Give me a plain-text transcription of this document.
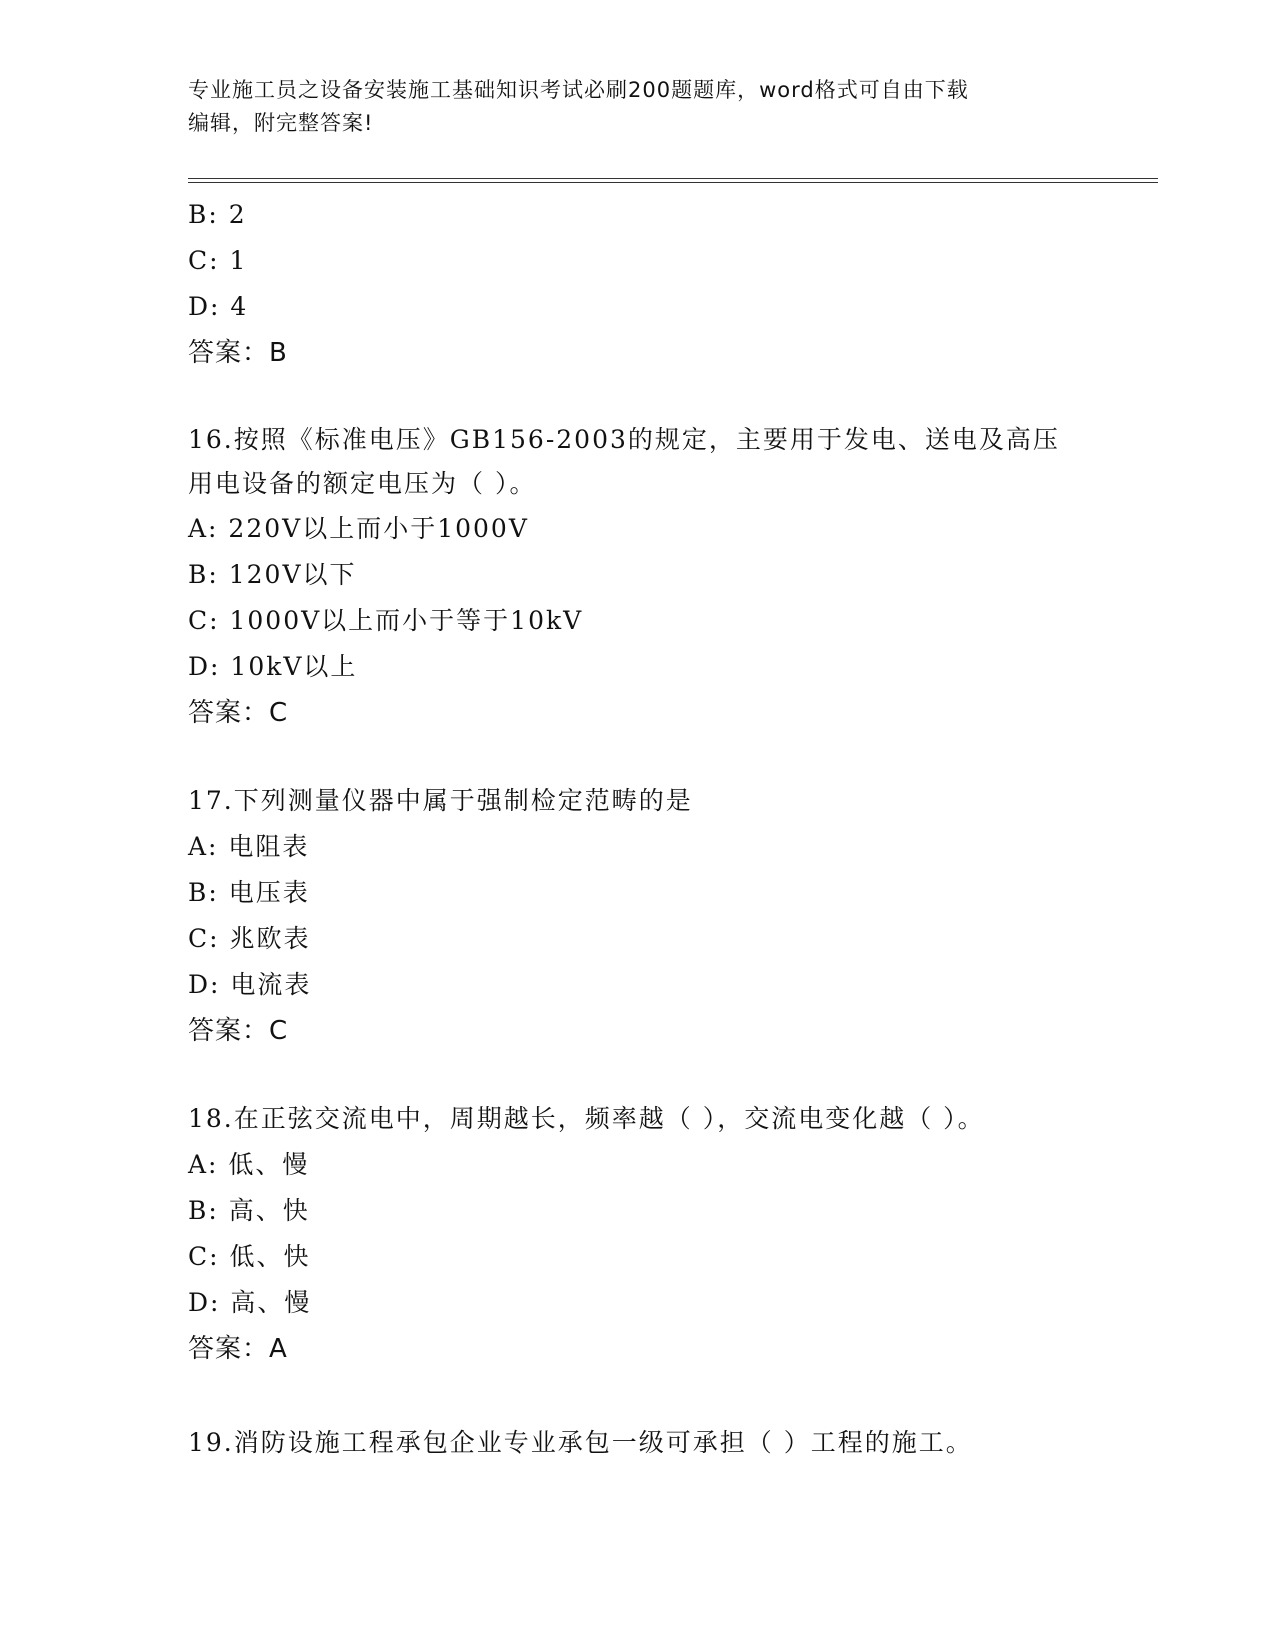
专业施工员之设备安装施工基础知识考试必刷200题题库，word格式可自由下载
编辑，附完整答案!
B: 2
C: 1
D: 4
答案：B
16.按照《标准电压》GB156-2003的规定，主要用于发电、送电及高压
用电设备的额定电压为（ ）。
A: 220V以上而小于1000V
B: 120V以下
C: 1000V以上而小于等于10kV
D: 10kV以上
答案：C
17.下列测量仪器中属于强制检定范畴的是
A: 电阻表
B: 电压表
C: 兆欧表
D: 电流表
答案：C
18.在正弦交流电中，周期越长，频率越（ ），交流电变化越（ ）。
A: 低、慢
B: 高、快
C: 低、快
D: 高、慢
答案：A
19.消防设施工程承包企业专业承包一级可承担（ ）工程的施工。
